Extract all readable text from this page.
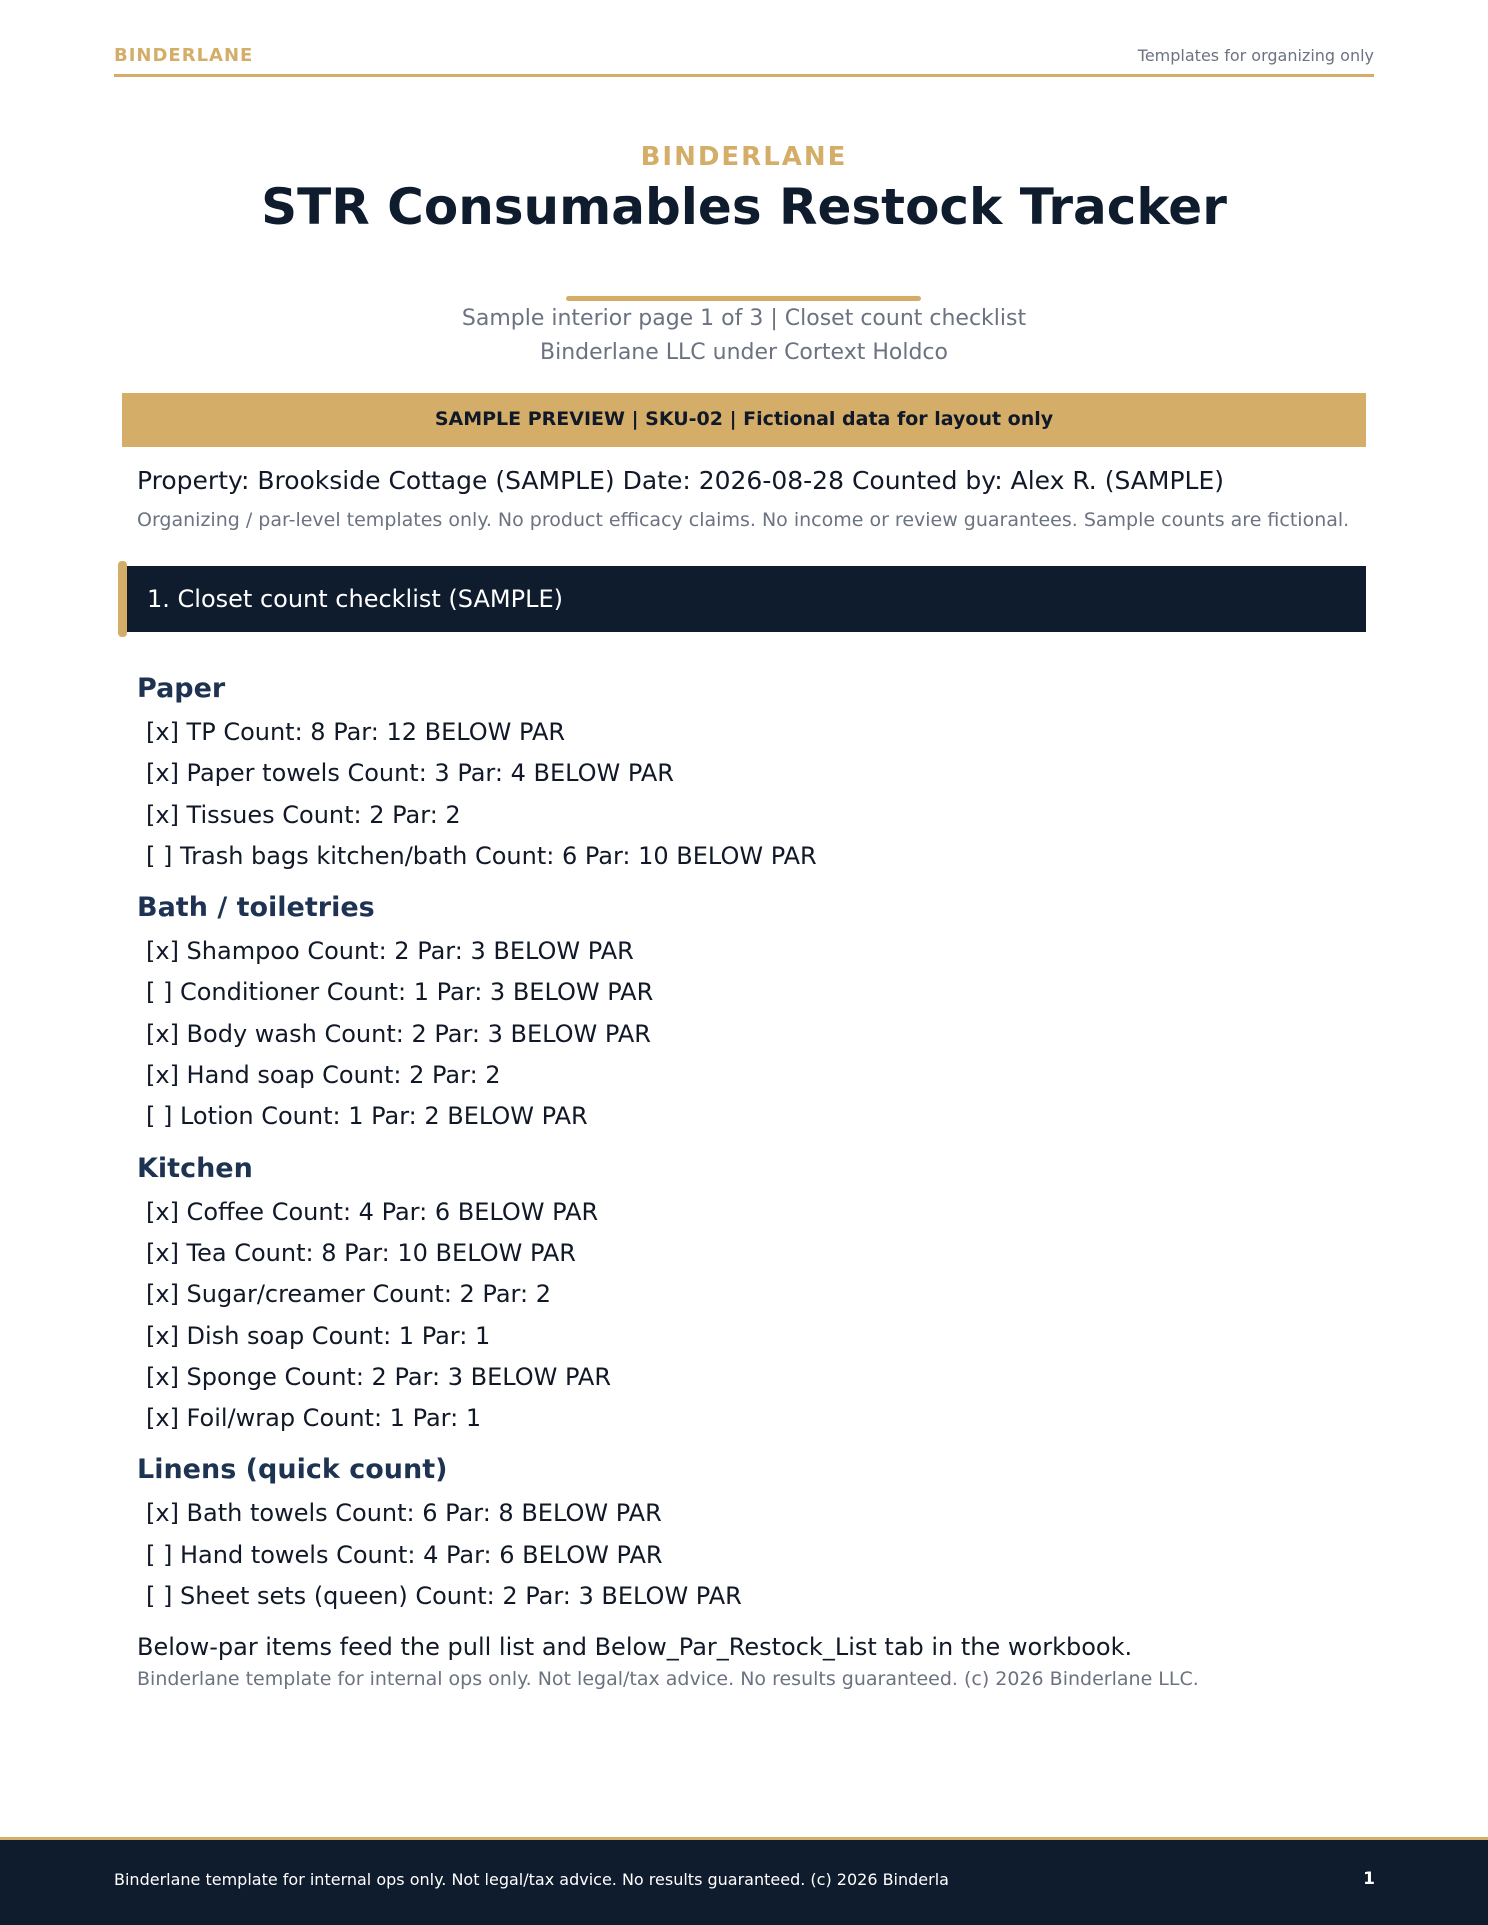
BINDERLANE	Templates for organizing only
BINDERLANE
STR Consumables Restock Tracker
Sample interior page 1 of 3 | Closet count checklist
Binderlane LLC under Cortext Holdco
SAMPLE PREVIEW | SKU-02 | Fictional data for layout only
Property: Brookside Cottage (SAMPLE) Date: 2026-08-28 Counted by: Alex R. (SAMPLE)
Organizing / par-level templates only. No product efficacy claims. No income or review guarantees. Sample counts are fictional.
1. Closet count checklist (SAMPLE)
Paper
[x] TP Count: 8 Par: 12 BELOW PAR
[x] Paper towels Count: 3 Par: 4 BELOW PAR
[x] Tissues Count: 2 Par: 2
[ ] Trash bags kitchen/bath Count: 6 Par: 10 BELOW PAR
Bath / toiletries
[x] Shampoo Count: 2 Par: 3 BELOW PAR
[ ] Conditioner Count: 1 Par: 3 BELOW PAR
[x] Body wash Count: 2 Par: 3 BELOW PAR
[x] Hand soap Count: 2 Par: 2
[ ] Lotion Count: 1 Par: 2 BELOW PAR
Kitchen
[x] Coffee Count: 4 Par: 6 BELOW PAR
[x] Tea Count: 8 Par: 10 BELOW PAR
[x] Sugar/creamer Count: 2 Par: 2
[x] Dish soap Count: 1 Par: 1
[x] Sponge Count: 2 Par: 3 BELOW PAR
[x] Foil/wrap Count: 1 Par: 1
Linens (quick count)
[x] Bath towels Count: 6 Par: 8 BELOW PAR
[ ] Hand towels Count: 4 Par: 6 BELOW PAR
[ ] Sheet sets (queen) Count: 2 Par: 3 BELOW PAR
Below-par items feed the pull list and Below_Par_Restock_List tab in the workbook.
Binderlane template for internal ops only. Not legal/tax advice. No results guaranteed. (c) 2026 Binderlane LLC.
Binderlane template for internal ops only. Not legal/tax advice. No results guaranteed. (c) 2026 Binderla	1
